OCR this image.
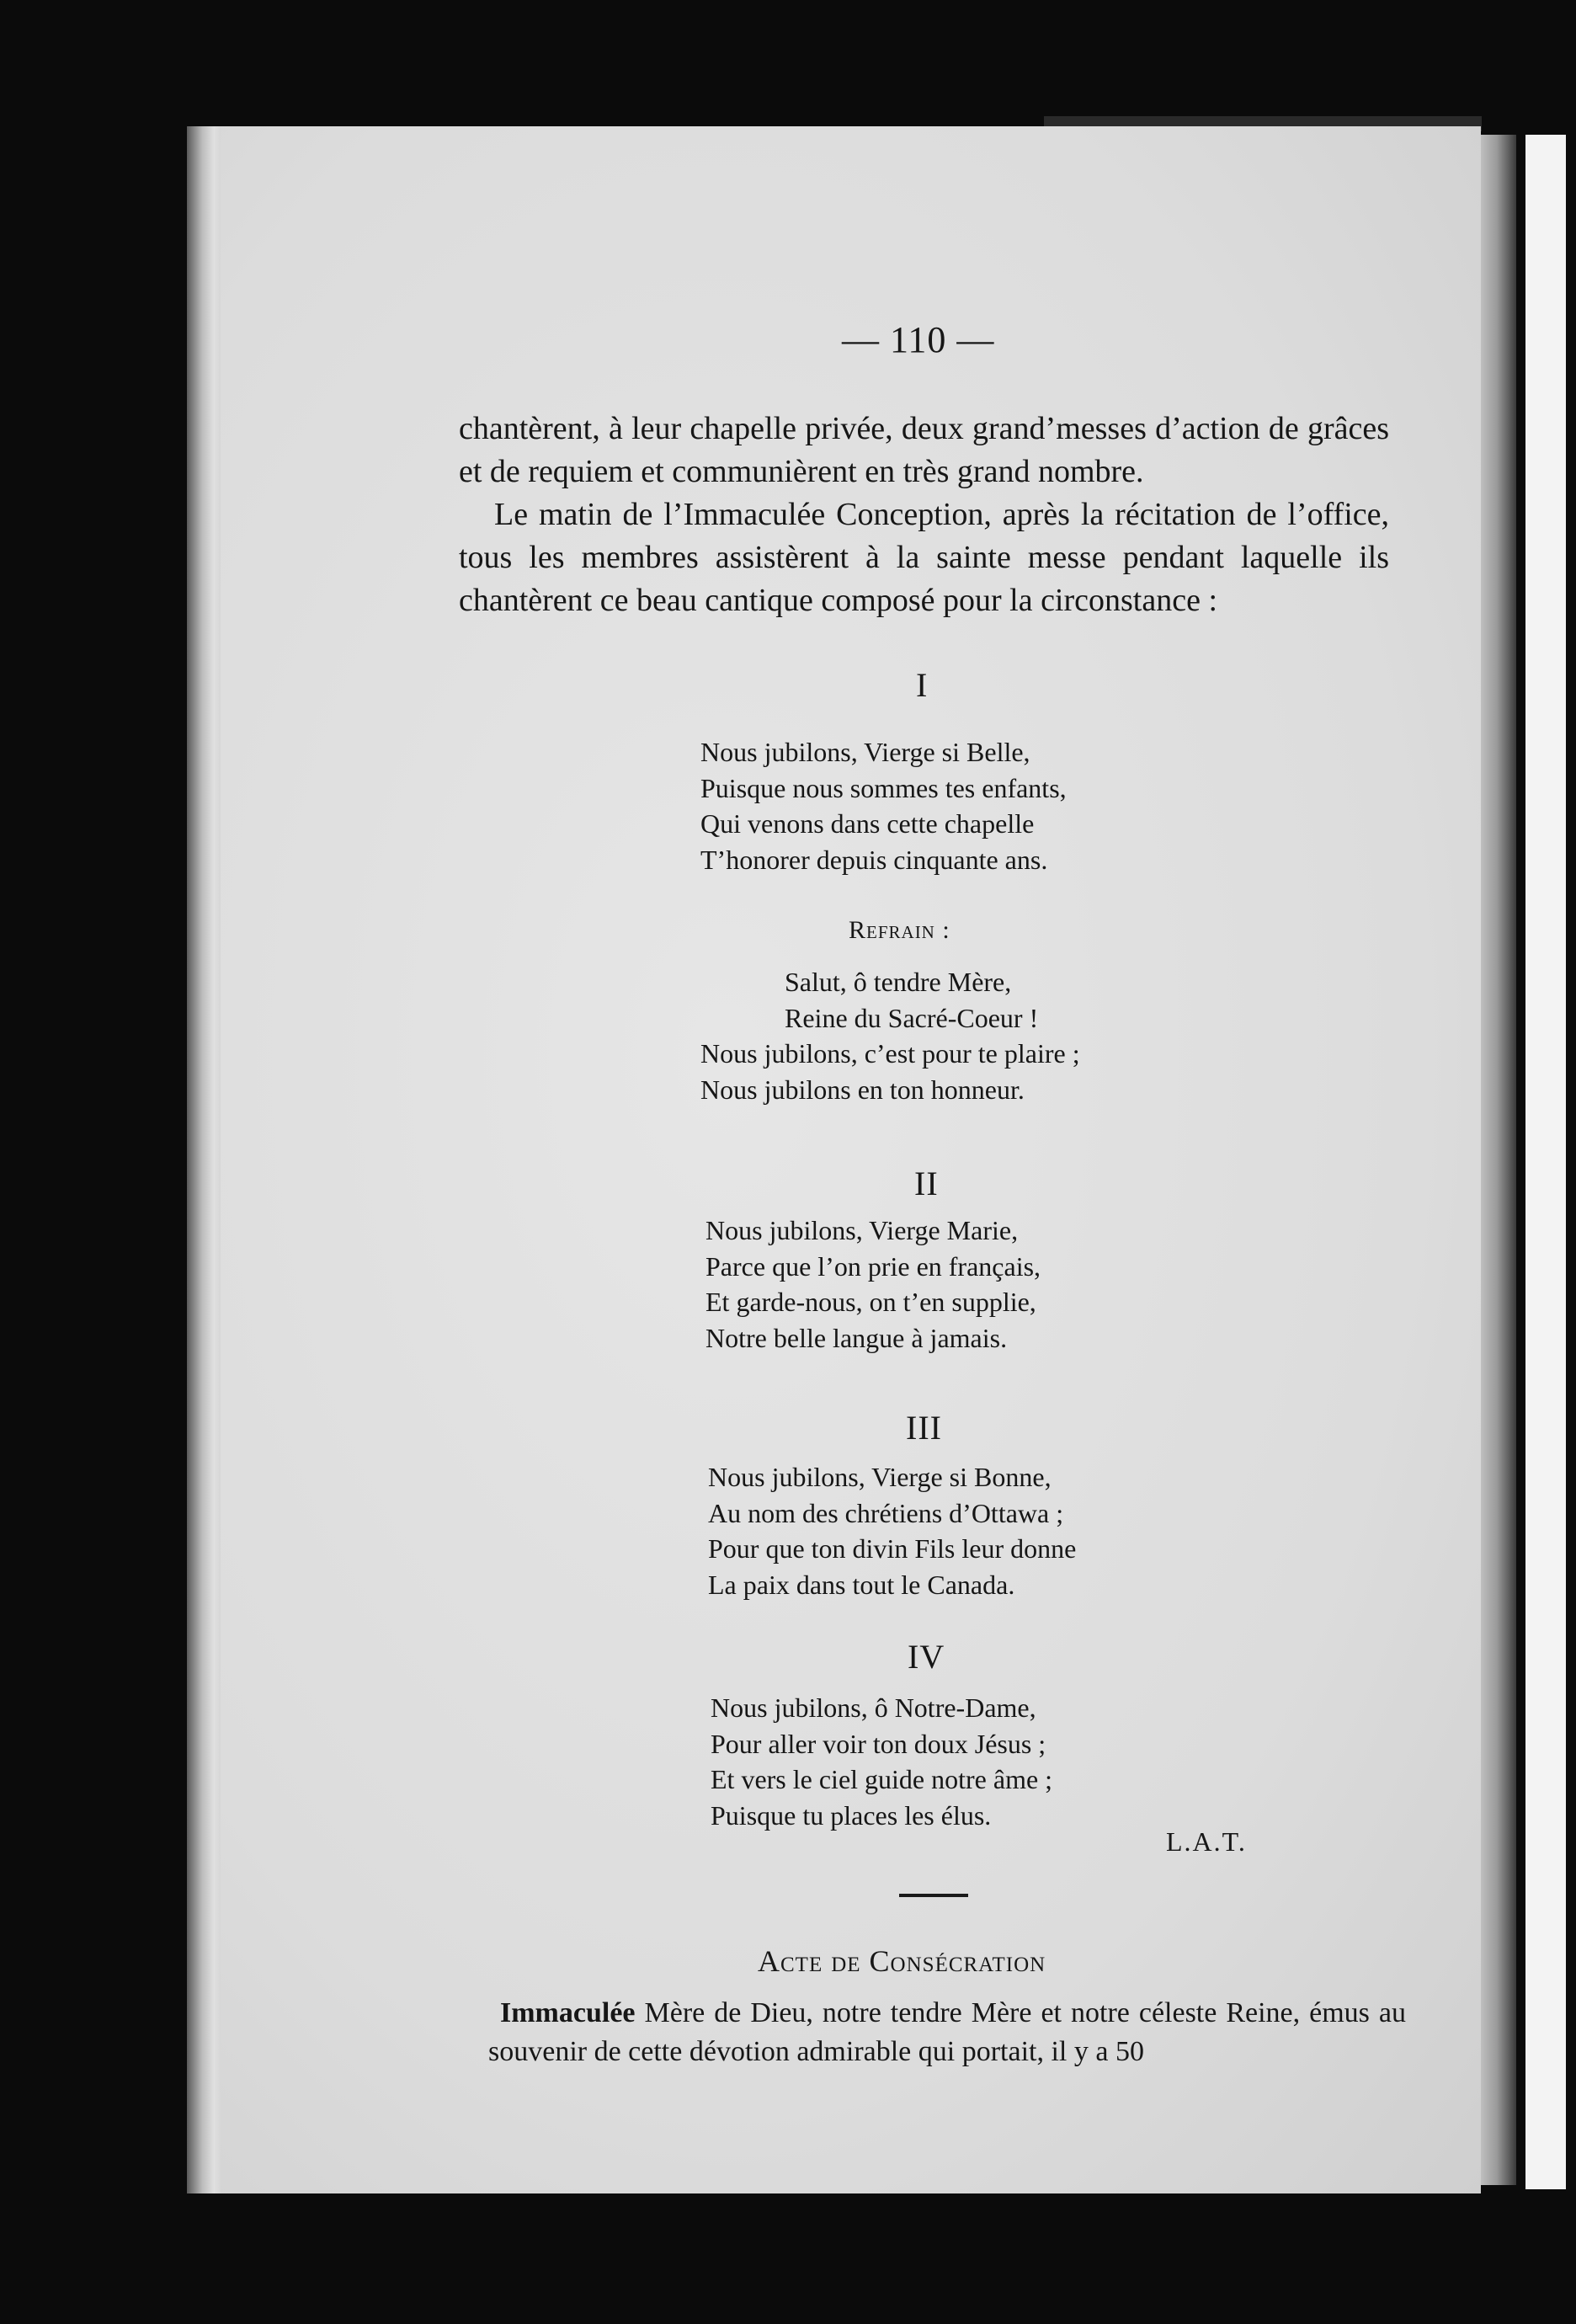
— 110 —

chantèrent, à leur chapelle privée, deux grand’messes d’action de grâces et de requiem et communièrent en très grand nombre.

Le matin de l’Immaculée Conception, après la récitation de l’office, tous les membres assistèrent à la sainte messe pendant laquelle ils chantèrent ce beau cantique composé pour la circonstance :

I
Nous jubilons, Vierge si Belle,
Puisque nous sommes tes enfants,
Qui venons dans cette chapelle
T’honorer depuis cinquante ans.
Refrain :
Salut, ô tendre Mère,
Reine du Sacré-Coeur !
Nous jubilons, c’est pour te plaire ;
Nous jubilons en ton honneur.
II
Nous jubilons, Vierge Marie,
Parce que l’on prie en français,
Et garde-nous, on t’en supplie,
Notre belle langue à jamais.
III
Nous jubilons, Vierge si Bonne,
Au nom des chrétiens d’Ottawa ;
Pour que ton divin Fils leur donne
La paix dans tout le Canada.
IV
Nous jubilons, ô Notre-Dame,
Pour aller voir ton doux Jésus ;
Et vers le ciel guide notre âme ;
Puisque tu places les élus.
L.A.T.
Acte de Consécration

Immaculée Mère de Dieu, notre tendre Mère et notre céleste Reine, émus au souvenir de cette dévotion admirable qui portait, il y a 50
